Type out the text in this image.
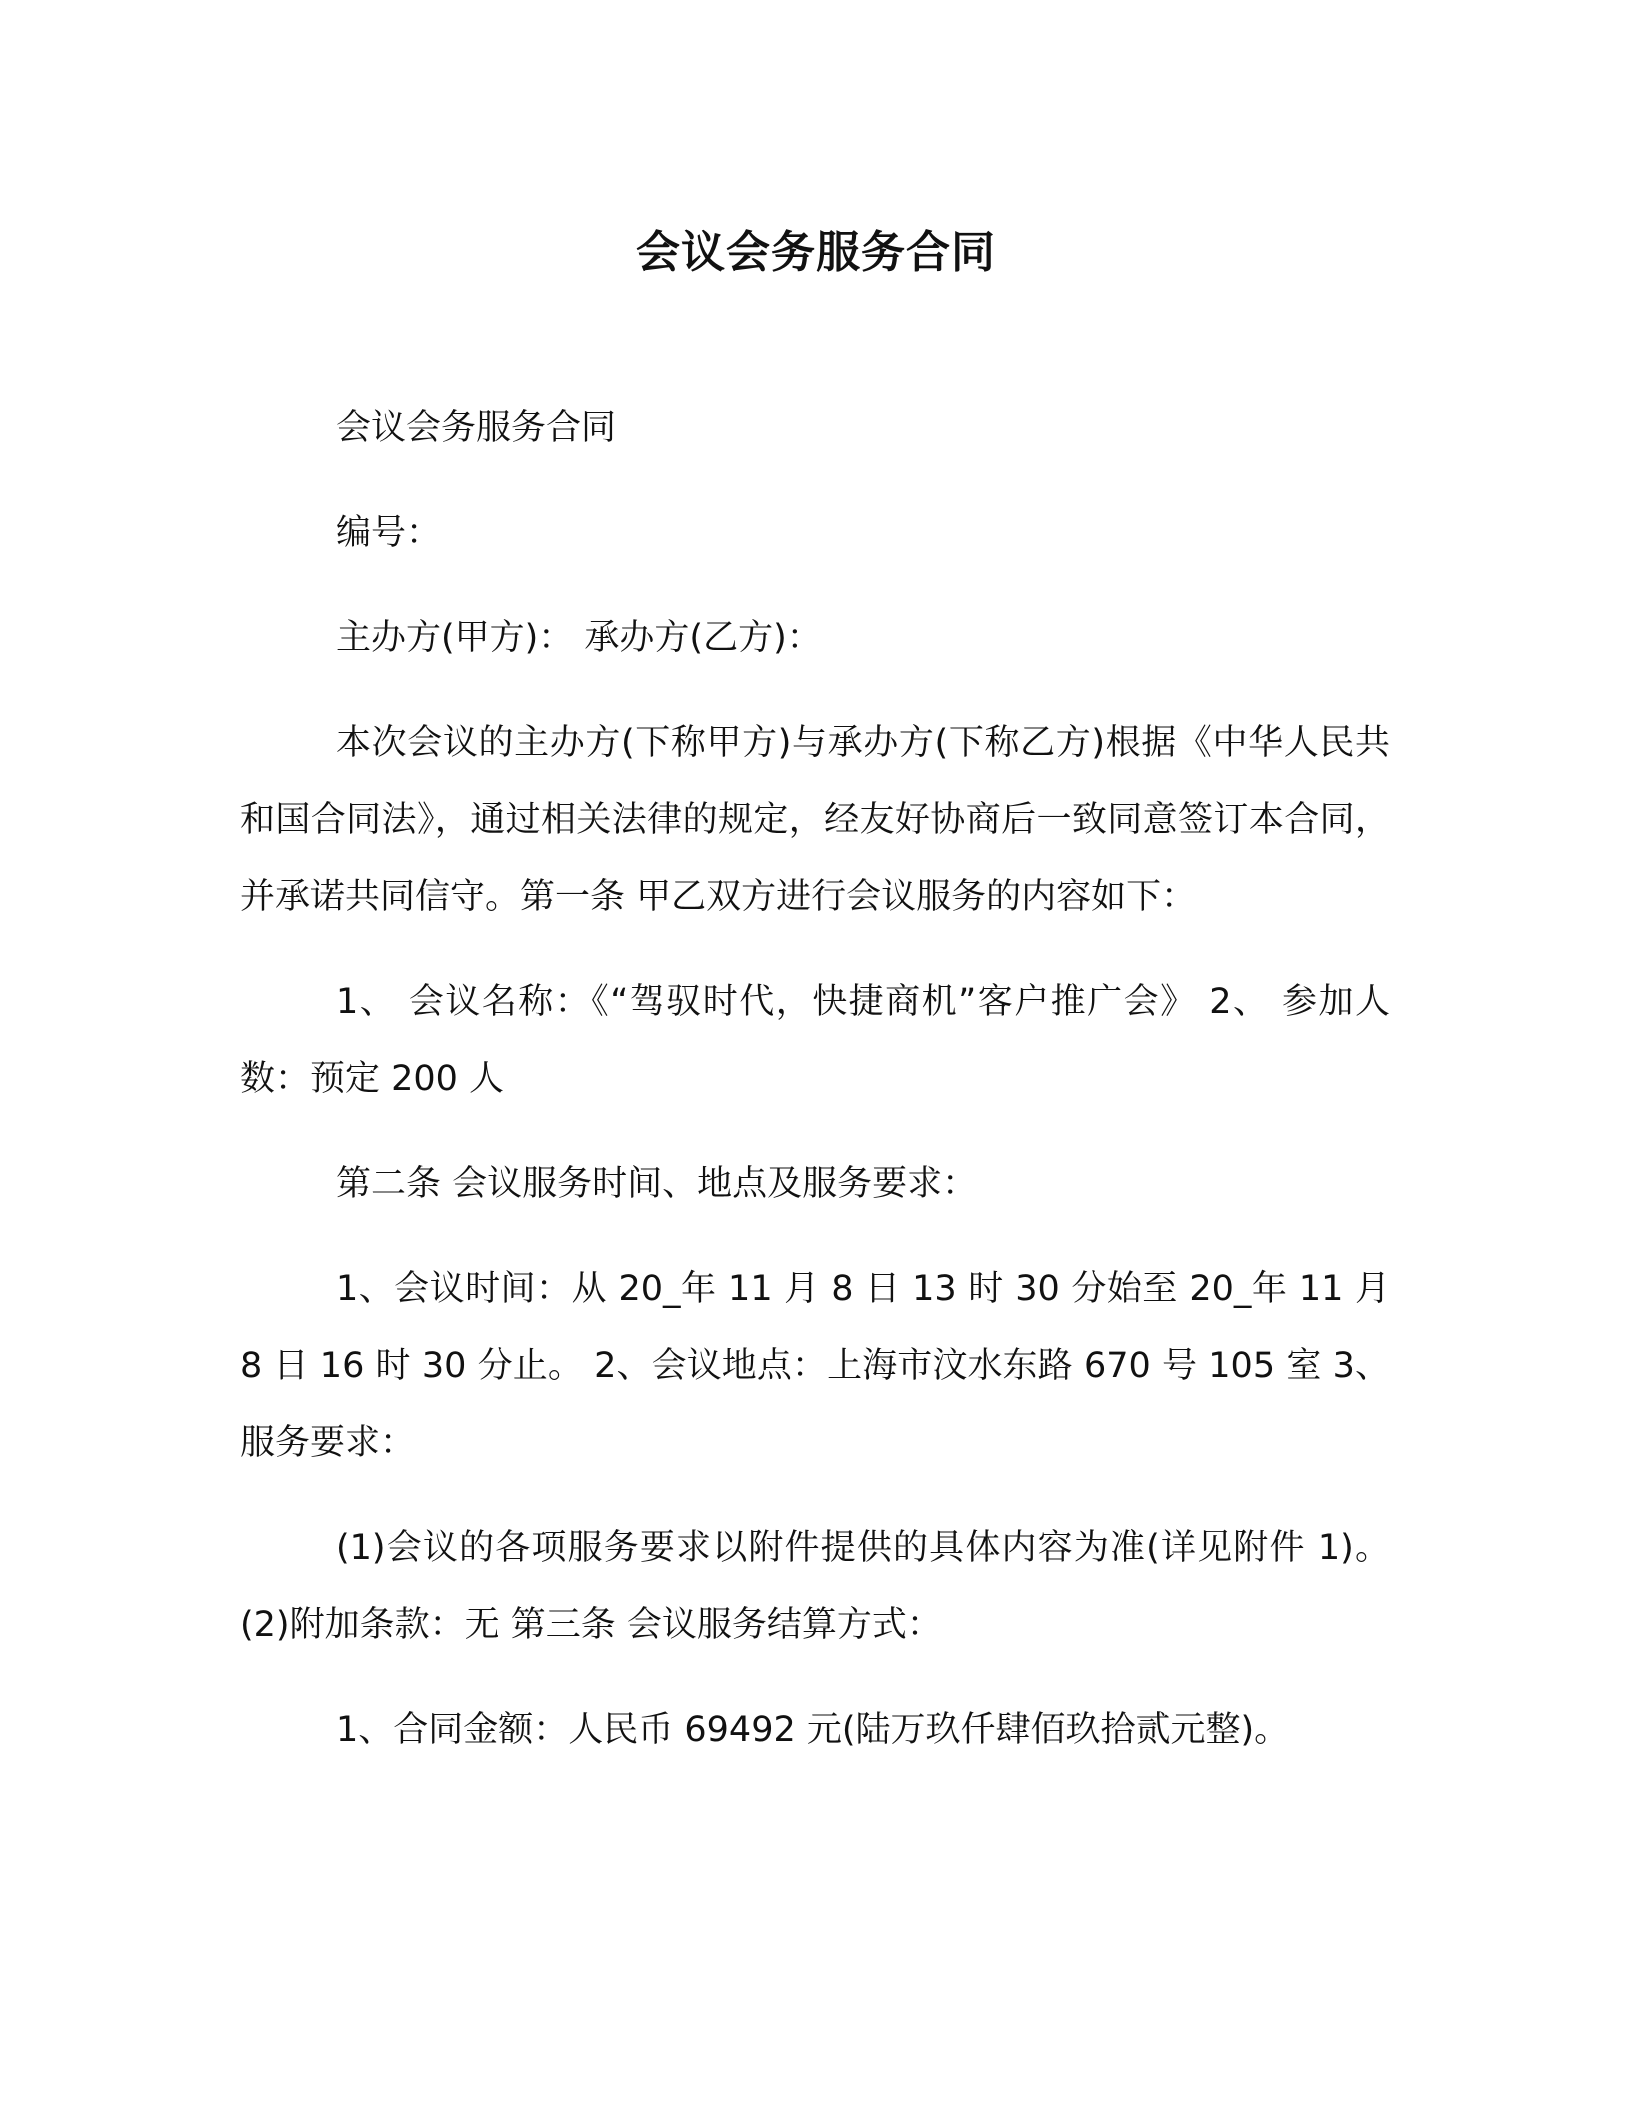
会议会务服务合同

会议会务服务合同

编号：

主办方(甲方)： 承办方(乙方)：

本次会议的主办方(下称甲方)与承办方(下称乙方)根据《中华人民共和国合同法》，通过相关法律的规定，经友好协商后一致同意签订本合同，并承诺共同信守。第一条 甲乙双方进行会议服务的内容如下：

1、 会议名称：《“驾驭时代，快捷商机”客户推广会》 2、 参加人数：预定 200 人

第二条 会议服务时间、地点及服务要求：

1、会议时间：从 20_年 11 月 8 日 13 时 30 分始至 20_年 11 月 8 日 16 时 30 分止。 2、会议地点：上海市汶水东路 670 号 105 室 3、服务要求：

(1)会议的各项服务要求以附件提供的具体内容为准(详见附件 1)。 (2)附加条款：无 第三条 会议服务结算方式：

1、合同金额：人民币 69492 元(陆万玖仟肆佰玖拾贰元整)。
